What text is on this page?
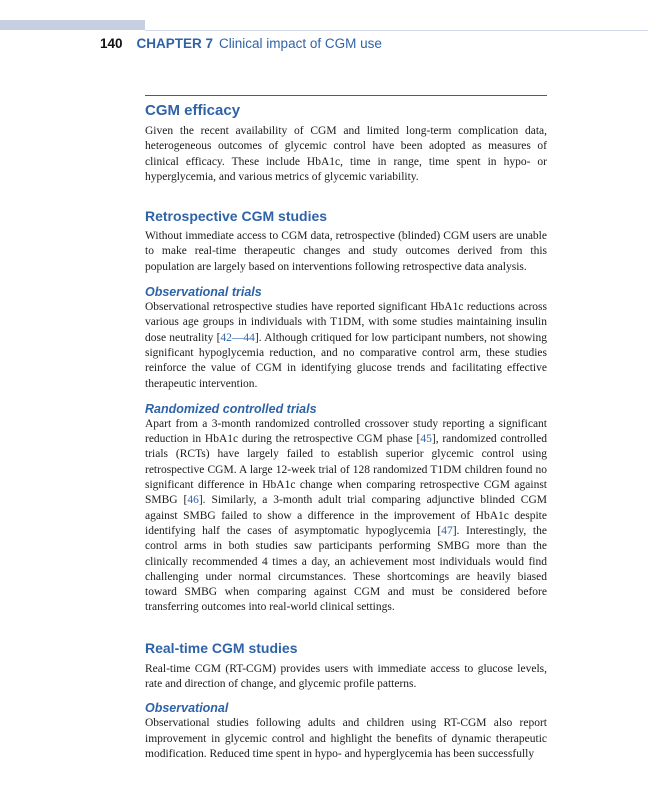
140 CHAPTER 7 Clinical impact of CGM use
CGM efficacy

Given the recent availability of CGM and limited long-term complication data, heterogeneous outcomes of glycemic control have been adopted as measures of clinical efficacy. These include HbA1c, time in range, time spent in hypo- or hyperglycemia, and various metrics of glycemic variability.

Retrospective CGM studies

Without immediate access to CGM data, retrospective (blinded) CGM users are unable to make real-time therapeutic changes and study outcomes derived from this population are largely based on interventions following retrospective data analysis.

Observational trials

Observational retrospective studies have reported significant HbA1c reductions across various age groups in individuals with T1DM, with some studies maintaining insulin dose neutrality [42—44]. Although critiqued for low participant numbers, not showing significant hypoglycemia reduction, and no comparative control arm, these studies reinforce the value of CGM in identifying glucose trends and facilitating effective therapeutic intervention.

Randomized controlled trials

Apart from a 3-month randomized controlled crossover study reporting a significant reduction in HbA1c during the retrospective CGM phase [45], randomized controlled trials (RCTs) have largely failed to establish superior glycemic control using retrospective CGM. A large 12-week trial of 128 randomized T1DM children found no significant difference in HbA1c change when comparing retrospective CGM against SMBG [46]. Similarly, a 3-month adult trial comparing adjunctive blinded CGM against SMBG failed to show a difference in the improvement of HbA1c despite identifying half the cases of asymptomatic hypoglycemia [47]. Interestingly, the control arms in both studies saw participants performing SMBG more than the clinically recommended 4 times a day, an achievement most individuals would find challenging under normal circumstances. These shortcomings are heavily biased toward SMBG when comparing against CGM and must be considered before transferring outcomes into real-world clinical settings.

Real-time CGM studies

Real-time CGM (RT-CGM) provides users with immediate access to glucose levels, rate and direction of change, and glycemic profile patterns.

Observational

Observational studies following adults and children using RT-CGM also report improvement in glycemic control and highlight the benefits of dynamic therapeutic modification. Reduced time spent in hypo- and hyperglycemia has been successfully
